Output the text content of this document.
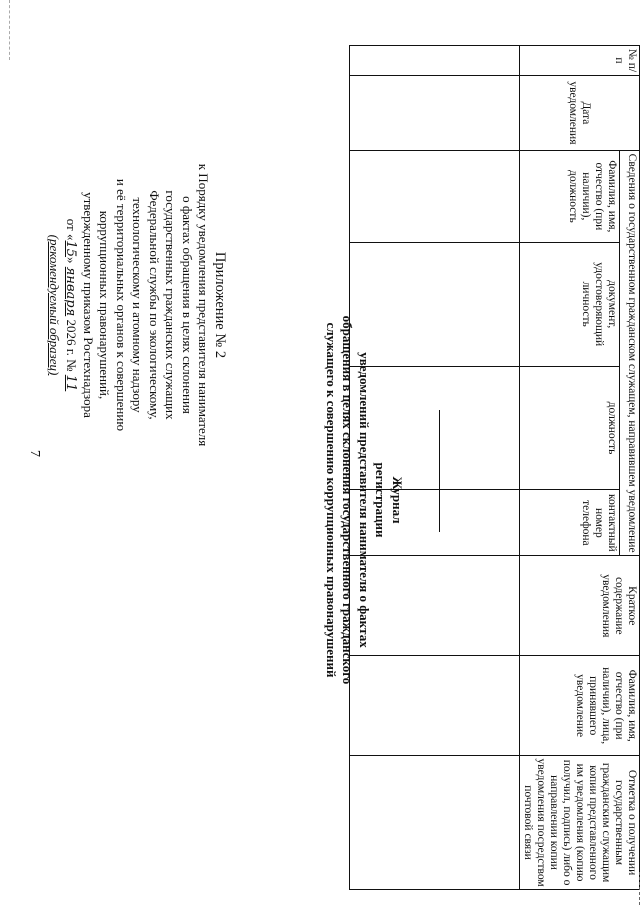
7
Приложение № 2
к Порядку уведомления представителя нанимателя
о фактах обращения в целях склонения
государственных гражданских служащих
Федеральной службы по экологическому,
технологическому и атомному надзору
и её территориальных органов к совершению
коррупционных правонарушений,
утвержденному приказом Ростехнадзора
от «15» января 2026 г. № 11
(рекомендуемый образец)
Журнал
регистрации
уведомлений представителя нанимателя о фактах
обращения в целях склонения государственного гражданского
служащего к совершению коррупционных правонарушений
№ п/п	Дата уведомления	Сведения о государственном гражданском служащем, направившем уведомление				Краткое содержание уведомления	Фамилия, имя, отчество (при наличии), лица, принявшего уведомление	Отметка о получении государственным гражданским служащим копии представленного им уведомления (копию получил, подпись) либо о направлении копии уведомления посредством почтовой связи
		Фамилия, имя, отчество (при наличии), должность	документ, удостоверяющий личность	должность	контактный номер телефона			
